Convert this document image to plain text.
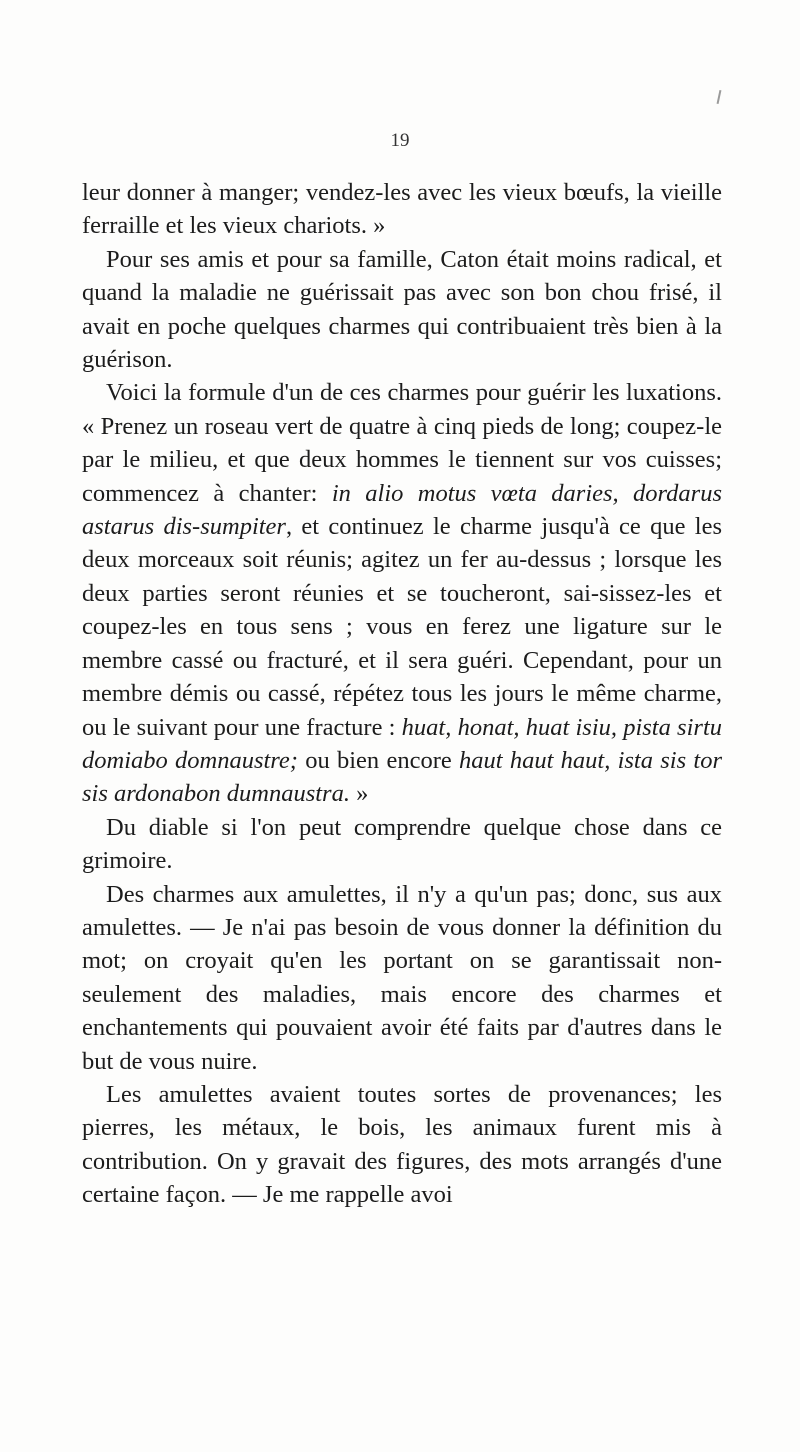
19

leur donner à manger; vendez-les avec les vieux bœufs, la vieille ferraille et les vieux chariots. »

Pour ses amis et pour sa famille, Caton était moins radical, et quand la maladie ne guérissait pas avec son bon chou frisé, il avait en poche quelques charmes qui contribuaient très bien à la guérison.

Voici la formule d'un de ces charmes pour guérir les luxations. « Prenez un roseau vert de quatre à cinq pieds de long; coupez-le par le milieu, et que deux hommes le tiennent sur vos cuisses; commencez à chanter: in alio motus vœta daries, dordarus astarus dis-sumpiter, et continuez le charme jusqu'à ce que les deux morceaux soit réunis; agitez un fer au-dessus ; lorsque les deux parties seront réunies et se toucheront, sai-sissez-les et coupez-les en tous sens ; vous en ferez une ligature sur le membre cassé ou fracturé, et il sera guéri. Cependant, pour un membre démis ou cassé, répétez tous les jours le même charme, ou le suivant pour une fracture : huat, honat, huat isiu, pista sirtu domiabo domnaustre; ou bien encore haut haut haut, ista sis tor sis ardonabon dumnaustra. »

Du diable si l'on peut comprendre quelque chose dans ce grimoire.

Des charmes aux amulettes, il n'y a qu'un pas; donc, sus aux amulettes. — Je n'ai pas besoin de vous donner la définition du mot; on croyait qu'en les portant on se garantissait non-seulement des maladies, mais encore des charmes et enchantements qui pouvaient avoir été faits par d'autres dans le but de vous nuire.

Les amulettes avaient toutes sortes de provenances; les pierres, les métaux, le bois, les animaux furent mis à contribution. On y gravait des figures, des mots arrangés d'une certaine façon. — Je me rappelle avoi
